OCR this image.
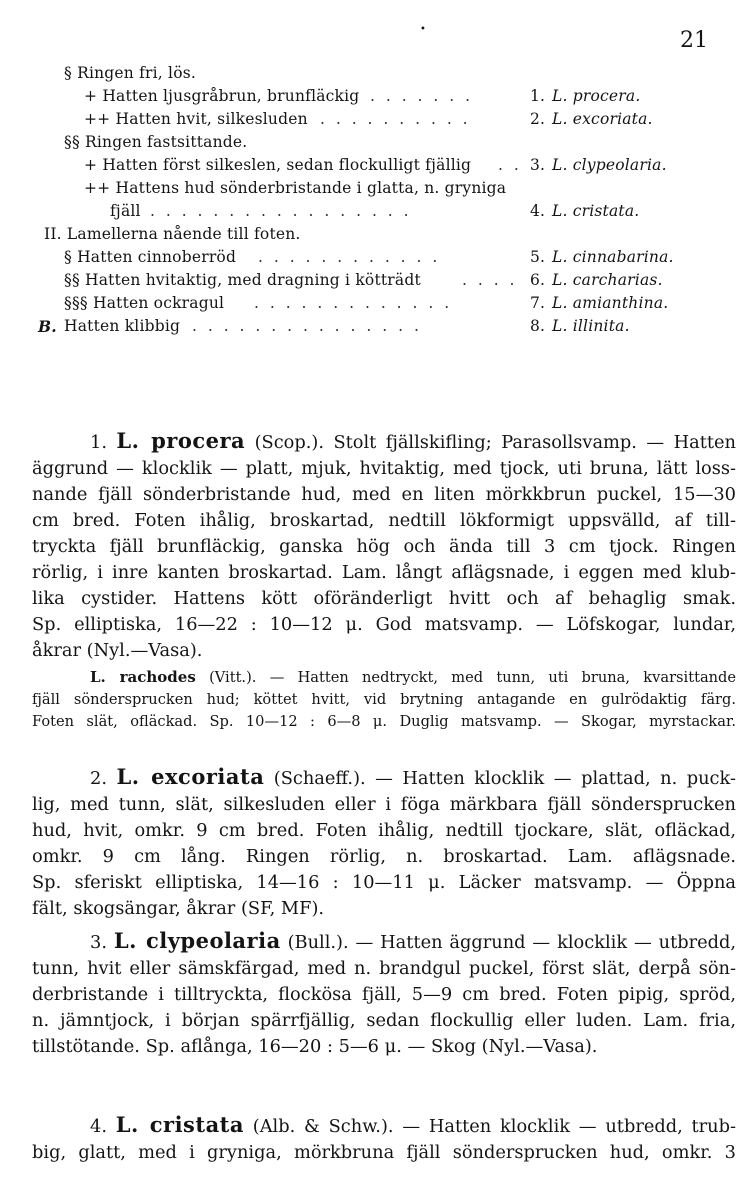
•	21
§ Ringen fri, lös.
+ Hatten ljusgråbrun, brunfläckig . . . . . . .	1. L. procera.
++ Hatten hvit, silkesluden . . . . . . . . . .	2. L. excoriata.
§§ Ringen fastsittande.
+ Hatten först silkeslen, sedan flockulligt fjällig . . 3. L. clypeolaria.
++ Hattens hud sönderbristande i glatta, n. gryniga
fjäll . . . . . . . . . . . . . . . . .	4. L. cristata.
II. Lamellerna nående till foten.
§ Hatten cinnoberröd . . . . . . . . . . . .	5. L. cinnabarina.
§§ Hatten hvitaktig, med dragning i kötträdt	. . . . 6. L. carcharias.
§§§ Hatten ockragul . . . . . . . . . . . . .	7. L. amianthina.
B. Hatten klibbig . . . . . . . . . . . . . . .	8. L. illinita.
1. L. procera (Scop.). Stolt fjällskifling; Parasollsvamp. — Hatten
äggrund — klocklik — platt, mjuk, hvitaktig, med tjock, uti bruna, lätt loss-
nande fjäll sönderbristande hud, med en liten mörkkbrun puckel, 15—30
cm bred. Foten ihålig, broskartad, nedtill lökformigt uppsvälld, af till-
tryckta fjäll brunfläckig, ganska hög och ända till 3 cm tjock. Ringen
rörlig, i inre kanten broskartad. Lam. långt aflägsnade, i eggen med klub-
lika cystider. Hattens kött oföränderligt hvitt och af behaglig smak.
Sp. elliptiska, 16—22 : 10—12 μ. God matsvamp. — Löfskogar, lundar,
åkrar (Nyl.—Vasa).
L. rachodes (Vitt.). — Hatten nedtryckt, med tunn, uti bruna, kvarsittande
fjäll söndersprucken hud; köttet hvitt, vid brytning antagande en gulrödaktig färg.
Foten slät, ofläckad. Sp. 10—12 : 6—8 μ. Duglig matsvamp. — Skogar, myrstackar.
2. L. excoriata (Schaeff.). — Hatten klocklik — plattad, n. puck-
lig, med tunn, slät, silkesluden eller i föga märkbara fjäll söndersprucken
hud, hvit, omkr. 9 cm bred. Foten ihålig, nedtill tjockare, slät, ofläckad,
omkr. 9 cm lång. Ringen rörlig, n. broskartad. Lam. aflägsnade.
Sp. sferiskt elliptiska, 14—16 : 10—11 μ. Läcker matsvamp. — Öppna
fält, skogsängar, åkrar (SF, MF).
3. L. clypeolaria (Bull.). — Hatten äggrund — klocklik — utbredd,
tunn, hvit eller sämskfärgad, med n. brandgul puckel, först slät, derpå sön-
derbristande i tilltryckta, flockösa fjäll, 5—9 cm bred. Foten pipig, spröd,
n. jämntjock, i början spärrfjällig, sedan flockullig eller luden. Lam. fria,
tillstötande. Sp. aflånga, 16—20 : 5—6 μ. — Skog (Nyl.—Vasa).
4. L. cristata (Alb. & Schw.). — Hatten klocklik — utbredd, trub-
big, glatt, med i gryniga, mörkbruna fjäll söndersprucken hud, omkr. 3
